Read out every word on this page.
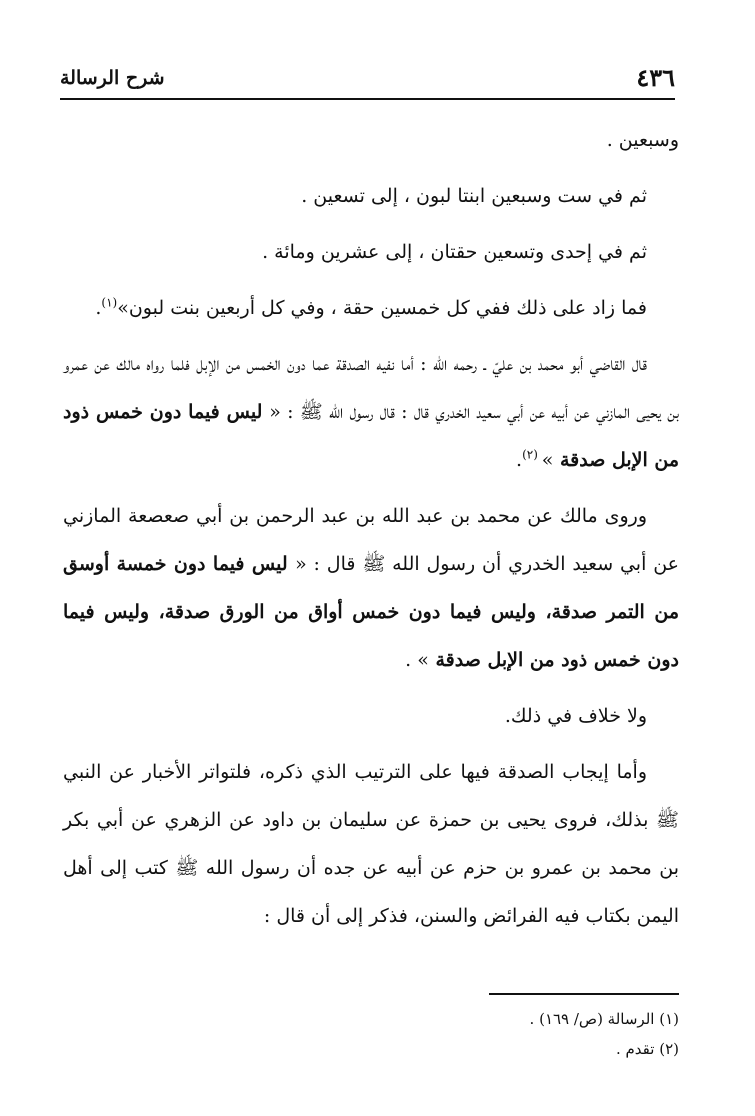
٤٣٦
شرح الرسالة

وسبعين .

ثم في ست وسبعين ابنتا لبون ، إلى تسعين .

ثم في إحدى وتسعين حقتان ، إلى عشرين ومائة .

فما زاد على ذلك ففي كل خمسين حقة ، وفي كل أربعين بنت لبون»$^{(١)}$.

قال القاضي أبو محمد بن عليّ ـ رحمه الله : أما نفيه الصدقة عما دون الخمس من الإبل فلما رواه مالك عن عمرو بن يحيى المازني عن أبيه عن أبي سعيد الخدري قال : قال رسول الله ﷺ : « ليس فيما دون خمس ذود من الإبل صدقة » $^{(٢)}$.

وروى مالك عن محمد بن عبد الله بن عبد الرحمن بن أبي صعصعة المازني عن أبي سعيد الخدري أن رسول الله ﷺ قال : « ليس فيما دون خمسة أوسق من التمر صدقة، وليس فيما دون خمس أواق من الورق صدقة، وليس فيما دون خمس ذود من الإبل صدقة » .

ولا خلاف في ذلك.

وأما إيجاب الصدقة فيها على الترتيب الذي ذكره، فلتواتر الأخبار عن النبي ﷺ بذلك، فروى يحيى بن حمزة عن سليمان بن داود عن الزهري عن أبي بكر بن محمد بن عمرو بن حزم عن أبيه عن جده أن رسول الله ﷺ كتب إلى أهل اليمن بكتاب فيه الفرائض والسنن، فذكر إلى أن قال :

(١) الرسالة (ص/ ١٦٩) .
(٢) تقدم .
